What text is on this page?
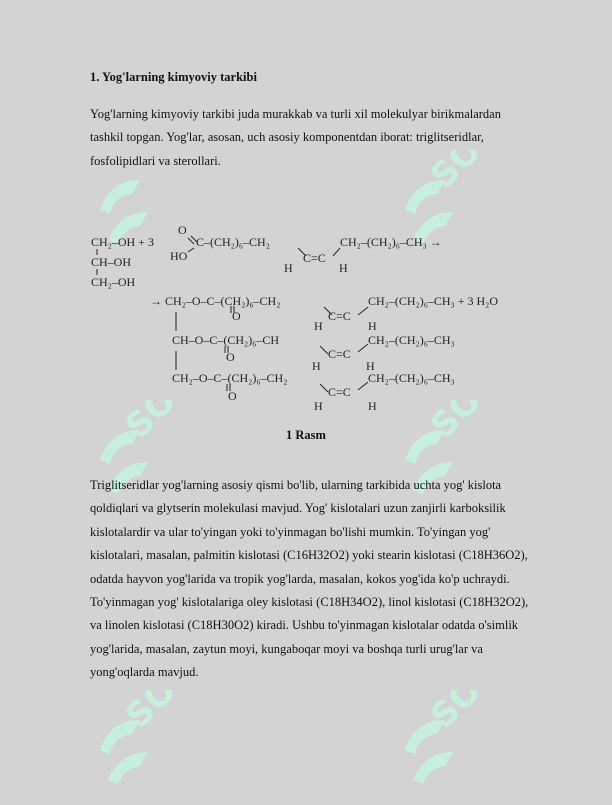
1. Yog'larning kimyoviy tarkibi
Yog'larning kimyoviy tarkibi juda murakkab va turli xil molekulyar birikmalardan tashkil topgan. Yog'lar, asosan, uch asosiy komponentdan iborat: triglitseridlar, fosfolipidlari va sterollari.
CH₂–OH + 3
CH–OH
CH₂–OH
O
HO
C–(CH₂)₆–CH₂
C=C
H	H
CH₂–(CH₂)₆–CH₃ →
→ CH₂–O–C–(CH₂)₆–CH₂
O	C=C
H	H
CH₂–(CH₂)₆–CH₃ + 3 H₂O
CH–O–C–(CH₂)₆–CH
O	C=C
H	H
CH₂–(CH₂)₆–CH₃
CH₂–O–C–(CH₂)₆–CH₂
O	C=C
H	H
CH₂–(CH₂)₆–CH₃
1 Rasm
Triglitseridlar yog'larning asosiy qismi bo'lib, ularning tarkibida uchta yog' kislota qoldiqlari va glytserin molekulasi mavjud. Yog' kislotalari uzun zanjirli karboksilik kislotalardir va ular to'yingan yoki to'yinmagan bo'lishi mumkin. To'yingan yog' kislotalari, masalan, palmitin kislotasi (C16H32O2) yoki stearin kislotasi (C18H36O2), odatda hayvon yog'larida va tropik yog'larda, masalan, kokos yog'ida ko'p uchraydi. To'yinmagan yog' kislotalariga oley kislotasi (C18H34O2), linol kislotasi (C18H32O2), va linolen kislotasi (C18H30O2) kiradi. Ushbu to'yinmagan kislotalar odatda o'simlik yog'larida, masalan, zaytun moyi, kungaboqar moyi va boshqa turli urug'lar va yong'oqlarda mavjud.
